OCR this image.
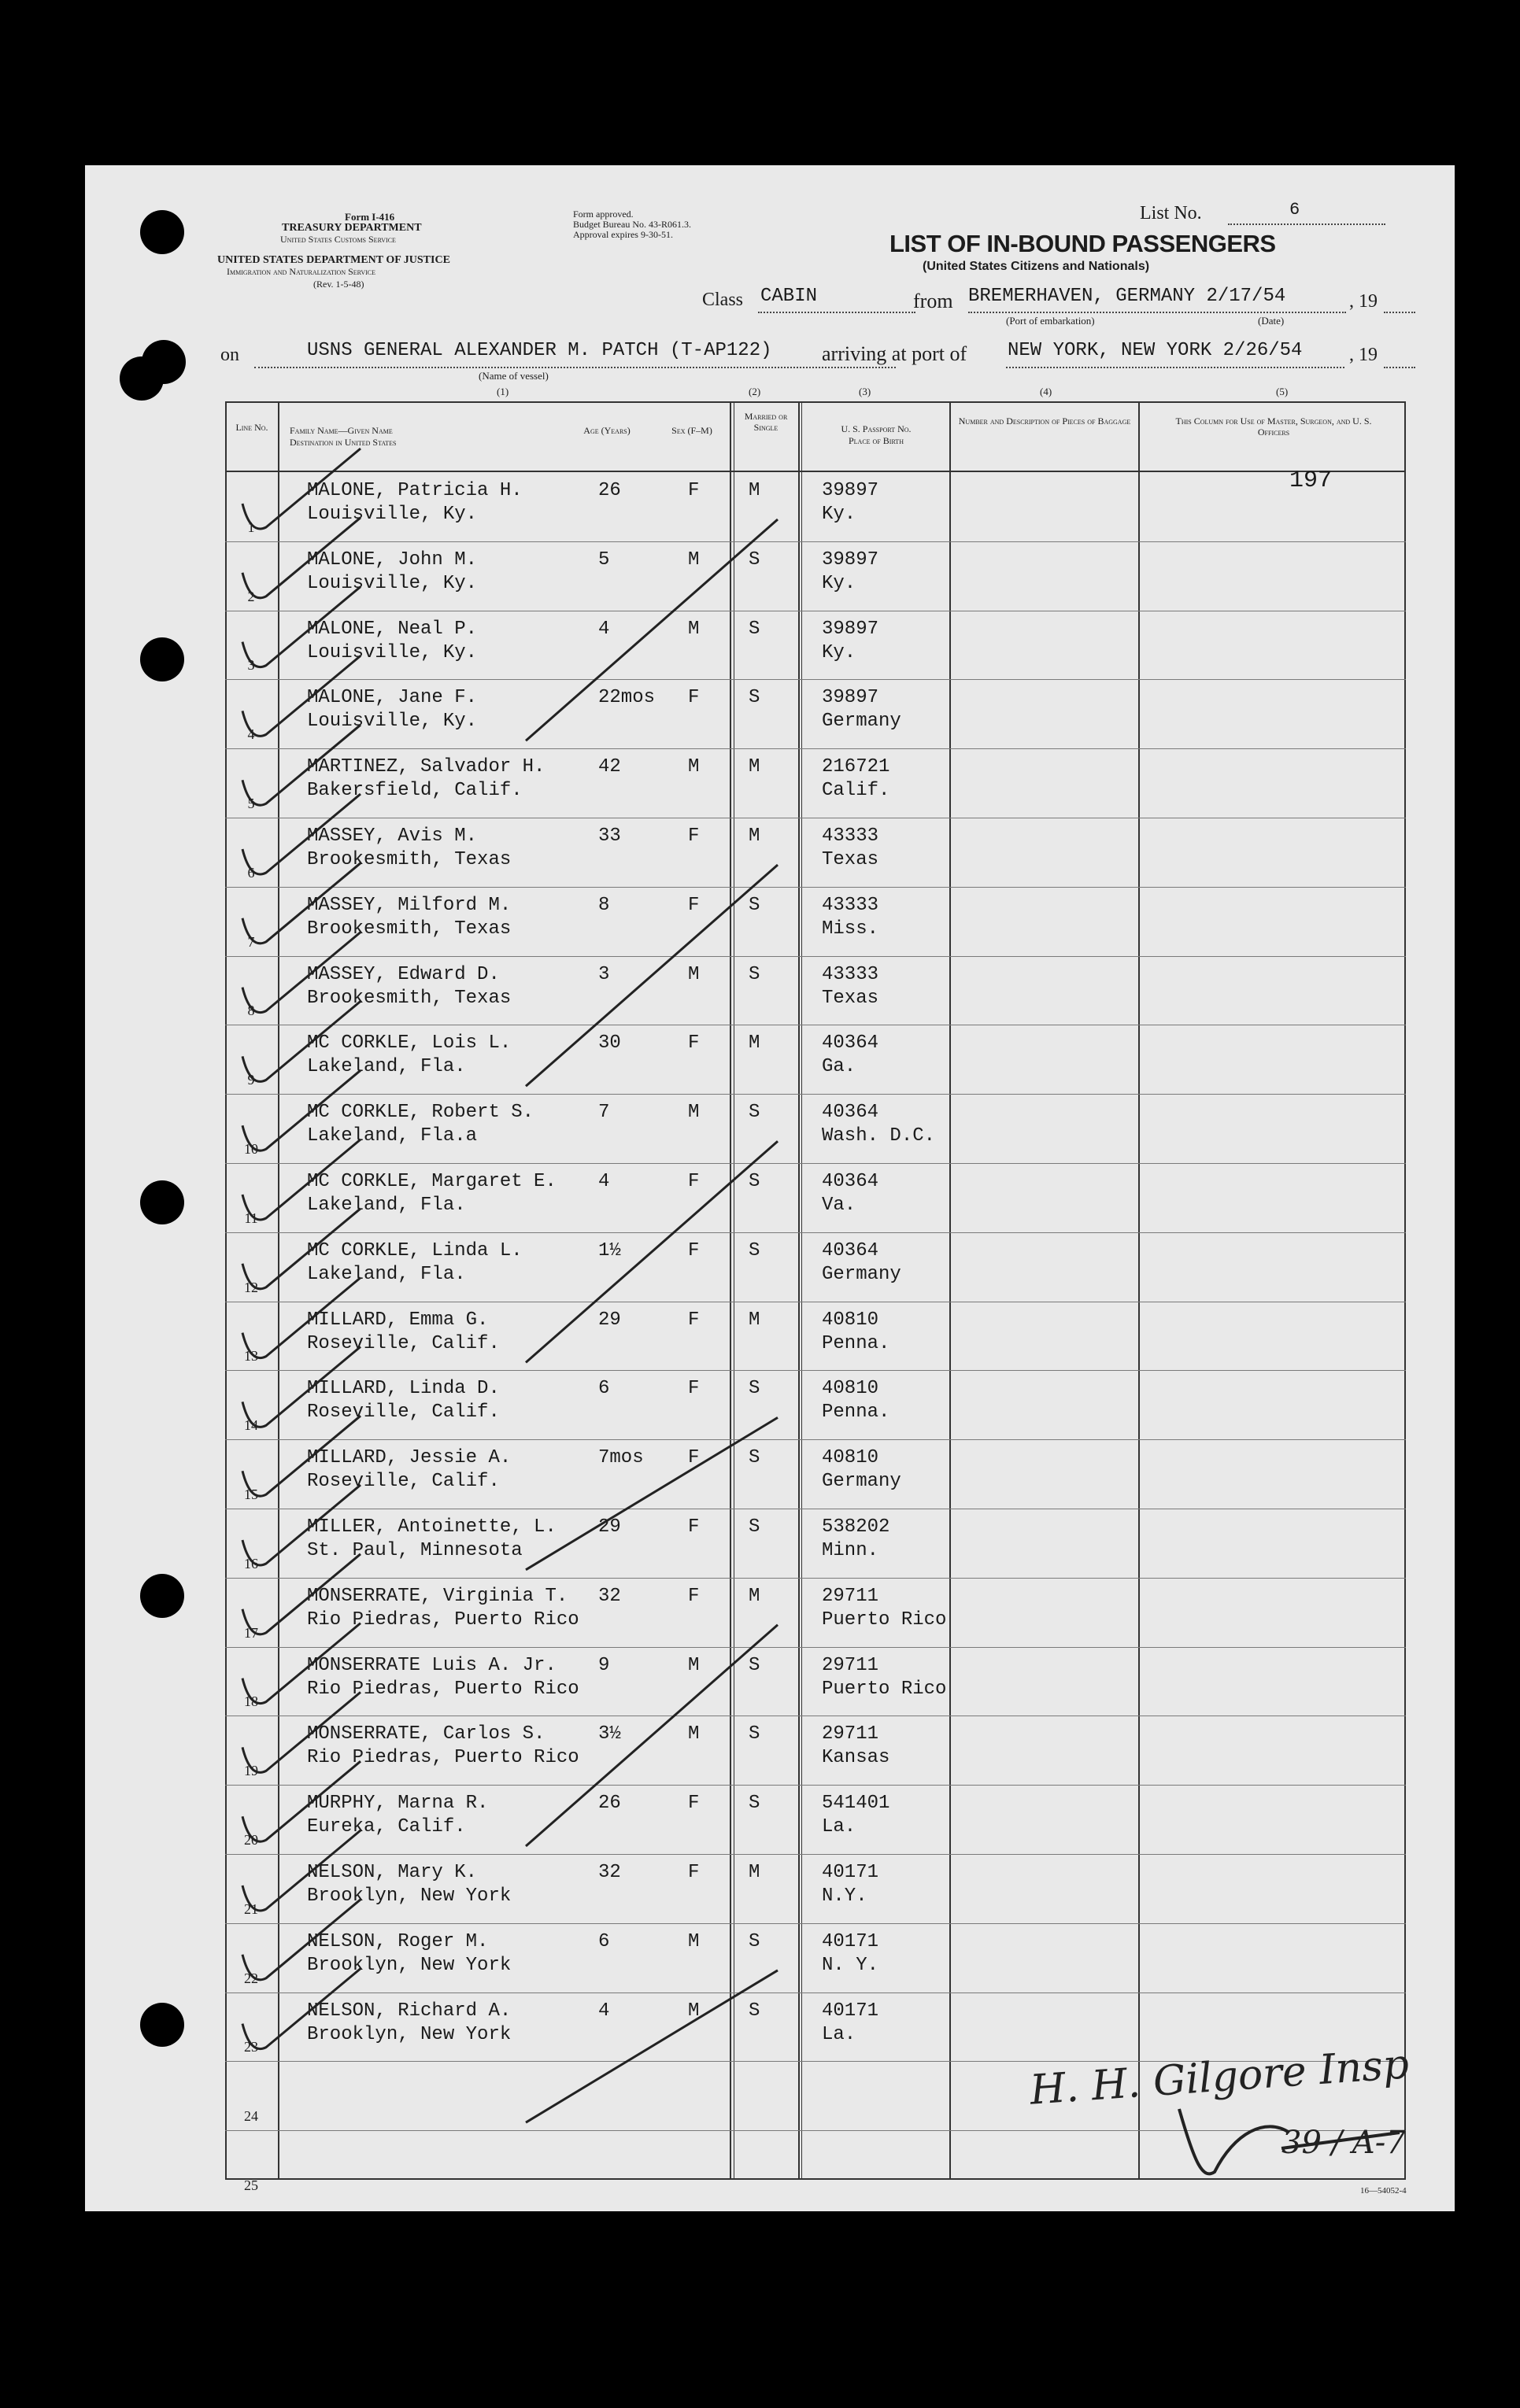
Form I-416
TREASURY DEPARTMENT
United States Customs Service
UNITED STATES DEPARTMENT OF JUSTICE
Immigration and Naturalization Service
(Rev. 1-5-48)
Form approved.
Budget Bureau No. 43-R061.3.
Approval expires 9-30-51.
List No.	6
LIST OF IN-BOUND PASSENGERS
(United States Citizens and Nationals)
Class CABIN	from BREMERHAVEN, GERMANY 2/17/54	, 19
(Port of embarkation)	(Date)
on	USNS GENERAL ALEXANDER M. PATCH (T-AP122) arriving at port of NEW YORK, NEW YORK 2/26/54 , 19
(Name of vessel)
(1)	(2)	(3)	(4)	(5)
Line No.	Family Name—Given Name
Destination in United States
Age (Years)	Sex (F–M)
Married or Single	U. S. Passport No.
Place of Birth
Number and Description of Pieces of Baggage	This Column for Use of Master, Surgeon, and U. S. Officers
197
1
MALONE, Patricia H.
Louisville, Ky.
26	F	M	39897
Ky.
2
MALONE, John M.
Louisville, Ky.
5	M	S	39897
Ky.
3
MALONE, Neal P.
Louisville, Ky.
4	M	S	39897
Ky.
4
MALONE, Jane F.
Louisville, Ky.
22mos F	S	39897
Germany
5
MARTINEZ, Salvador H.
Bakersfield, Calif.
42	M	M	216721
Calif.
6
MASSEY, Avis M.
Brookesmith, Texas
33	F	M	43333
Texas
7
MASSEY, Milford M.
Brookesmith, Texas
8	F	S	43333
Miss.
8
MASSEY, Edward D.
Brookesmith, Texas
3	M	S	43333
Texas
9
MC CORKLE, Lois L.
Lakeland, Fla.
30	F	M	40364
Ga.
10
MC CORKLE, Robert S.
Lakeland, Fla.a
7	M	S	40364
Wash. D.C.
11
MC CORKLE, Margaret E.
Lakeland, Fla.
4	F	S	40364
Va.
12
MC CORKLE, Linda L.
Lakeland, Fla.
1½	F	S	40364
Germany
13
MILLARD, Emma G.
Roseville, Calif.
29	F	M	40810
Penna.
14
MILLARD, Linda D.
Roseville, Calif.
6	F	S	40810
Penna.
15
MILLARD, Jessie A.
Roseville, Calif.
7mos F	S	40810
Germany
16
MILLER, Antoinette, L.
St. Paul, Minnesota
29	F	S	538202
Minn.
17
MONSERRATE, Virginia T.
Rio Piedras, Puerto Rico
32	F	M	29711
Puerto Rico
18
MONSERRATE Luis A. Jr.
Rio Piedras, Puerto Rico
9	M	S	29711
Puerto Rico
19
MONSERRATE, Carlos S.
Rio Piedras, Puerto Rico
3½	M	S	29711
Kansas
20
MURPHY, Marna R.
Eureka, Calif.
26	F	S	541401
La.
21
NELSON, Mary K.
Brooklyn, New York
32	F	M	40171
N.Y.
22
NELSON, Roger M.
Brooklyn, New York
6	M	S	40171
N. Y.
23
NELSON, Richard A.
Brooklyn, New York
4	M	S	40171
La.
24
25
H. H. Gilgore Insp
39 / A-7
16—54052-4
